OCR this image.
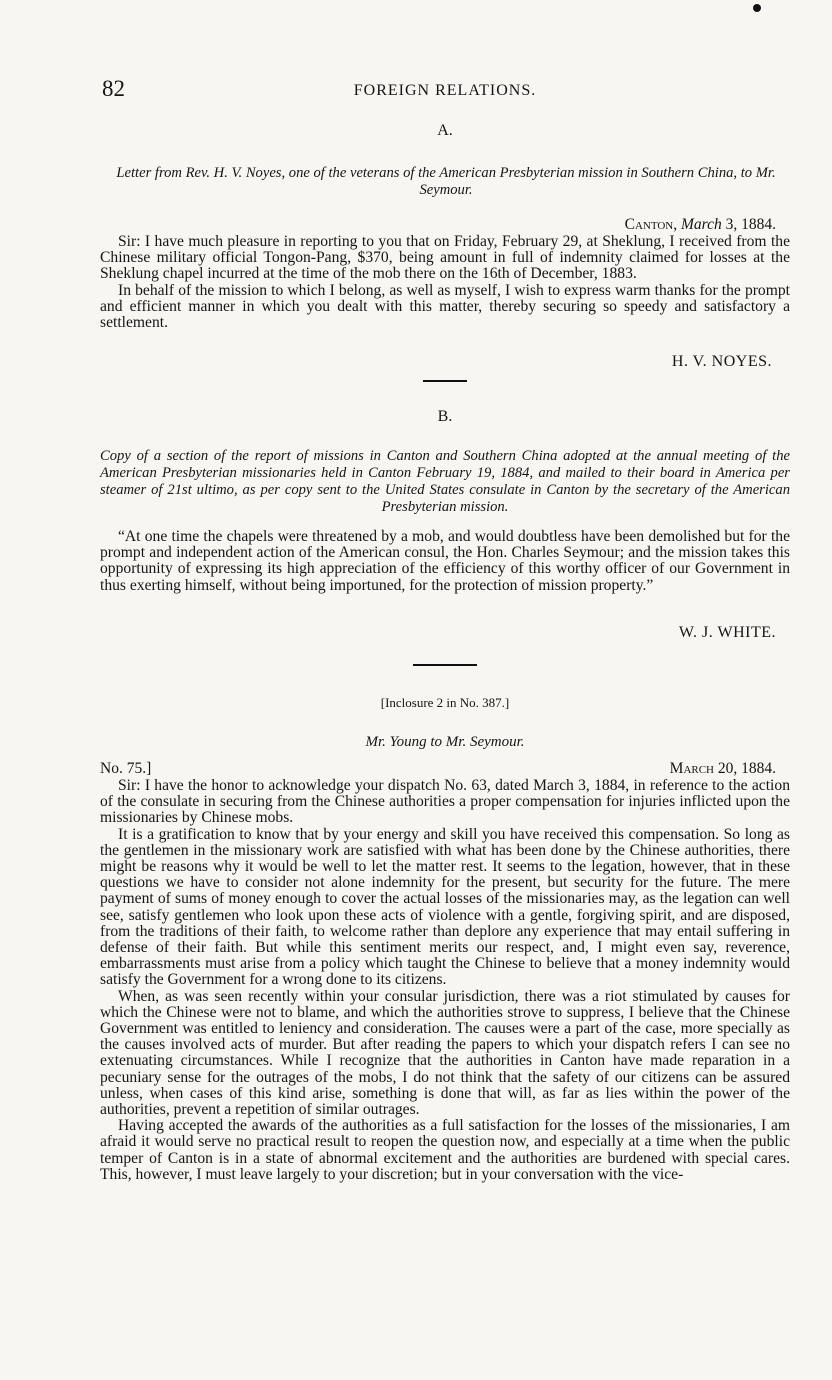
82	FOREIGN RELATIONS.
A.
Letter from Rev. H. V. Noyes, one of the veterans of the American Presbyterian mission in Southern China, to Mr. Seymour.
Canton, March 3, 1884.

Sir: I have much pleasure in reporting to you that on Friday, February 29, at Sheklung, I received from the Chinese military official Tongon-Pang, $370, being amount in full of indemnity claimed for losses at the Sheklung chapel incurred at the time of the mob there on the 16th of December, 1883.

In behalf of the mission to which I belong, as well as myself, I wish to express warm thanks for the prompt and efficient manner in which you dealt with this matter, thereby securing so speedy and satisfactory a settlement.

H. V. NOYES.
B.
Copy of a section of the report of missions in Canton and Southern China adopted at the annual meeting of the American Presbyterian missionaries held in Canton February 19, 1884, and mailed to their board in America per steamer of 21st ultimo, as per copy sent to the United States consulate in Canton by the secretary of the American Presbyterian mission.

“At one time the chapels were threatened by a mob, and would doubtless have been demolished but for the prompt and independent action of the American consul, the Hon. Charles Seymour; and the mission takes this opportunity of expressing its high appreciation of the efficiency of this worthy officer of our Government in thus exerting himself, without being importuned, for the protection of mission property.”

W. J. WHITE.
[Inclosure 2 in No. 387.]
Mr. Young to Mr. Seymour.
No. 75.]	March 20, 1884.

Sir: I have the honor to acknowledge your dispatch No. 63, dated March 3, 1884, in reference to the action of the consulate in securing from the Chinese authorities a proper compensation for injuries inflicted upon the missionaries by Chinese mobs.

It is a gratification to know that by your energy and skill you have received this compensation. So long as the gentlemen in the missionary work are satisfied with what has been done by the Chinese authorities, there might be reasons why it would be well to let the matter rest. It seems to the legation, however, that in these questions we have to consider not alone indemnity for the present, but security for the future. The mere payment of sums of money enough to cover the actual losses of the missionaries may, as the legation can well see, satisfy gentlemen who look upon these acts of violence with a gentle, forgiving spirit, and are disposed, from the traditions of their faith, to welcome rather than deplore any experience that may entail suffering in defense of their faith. But while this sentiment merits our respect, and, I might even say, reverence, embarrassments must arise from a policy which taught the Chinese to believe that a money indemnity would satisfy the Government for a wrong done to its citizens.

When, as was seen recently within your consular jurisdiction, there was a riot stimulated by causes for which the Chinese were not to blame, and which the authorities strove to suppress, I believe that the Chinese Government was entitled to leniency and consideration. The causes were a part of the case, more specially as the causes involved acts of murder. But after reading the papers to which your dispatch refers I can see no extenuating circumstances. While I recognize that the authorities in Canton have made reparation in a pecuniary sense for the outrages of the mobs, I do not think that the safety of our citizens can be assured unless, when cases of this kind arise, something is done that will, as far as lies within the power of the authorities, prevent a repetition of similar outrages.

Having accepted the awards of the authorities as a full satisfaction for the losses of the missionaries, I am afraid it would serve no practical result to reopen the question now, and especially at a time when the public temper of Canton is in a state of abnormal excitement and the authorities are burdened with special cares. This, however, I must leave largely to your discretion; but in your conversation with the vice-
